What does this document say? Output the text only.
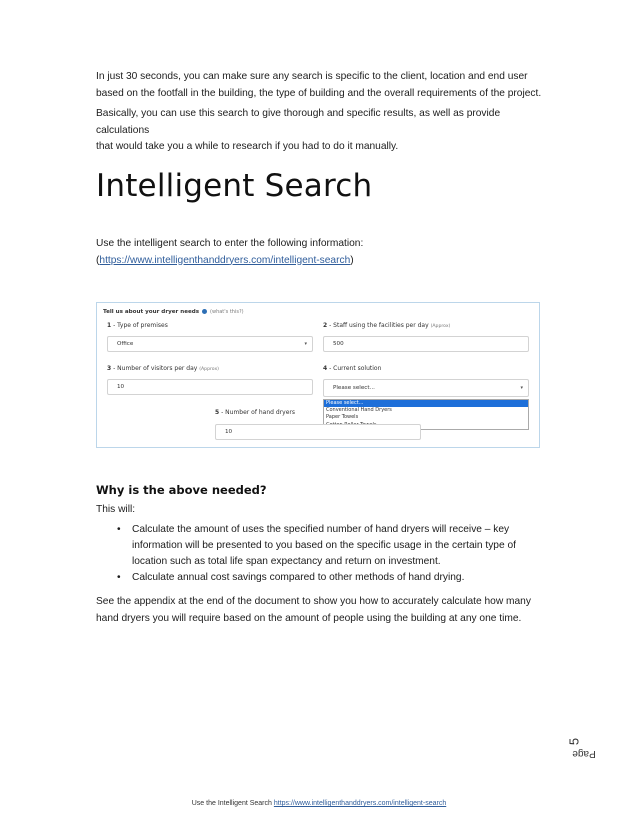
In just 30 seconds, you can make sure any search is specific to the client, location and end user
based on the footfall in the building, the type of building and the overall requirements of the project.

Basically, you can use this search to give thorough and specific results, as well as provide calculations
that would take you a while to research if you had to do it manually.

Intelligent Search

Use the intelligent search to enter the following information:
(https://www.intelligenthanddryers.com/intelligent-search)

Tell us about your dryer needs (what's this?)
1 - Type of premises
Office	▾
2 - Staff using the facilities per day (Approx)
500
3 - Number of visitors per day (Approx)
10
4 - Current solution
Please select...	▾
Please select...
Conventional Hand Dryers
Paper Towels
5 - Number of hand dryers
10
Why is the above needed?

This will:

• Calculate the amount of uses the specified number of hand dryers will receive – key
information will be presented to you based on the specific usage in the certain type of
location such as total life span expectancy and return on investment.
• Calculate annual cost savings compared to other methods of hand drying.

See the appendix at the end of the document to show you how to accurately calculate how many
hand dryers you will require based on the amount of people using the building at any one time.

Page
5
Use the Intelligent Search https://www.intelligenthanddryers.com/intelligent-search
